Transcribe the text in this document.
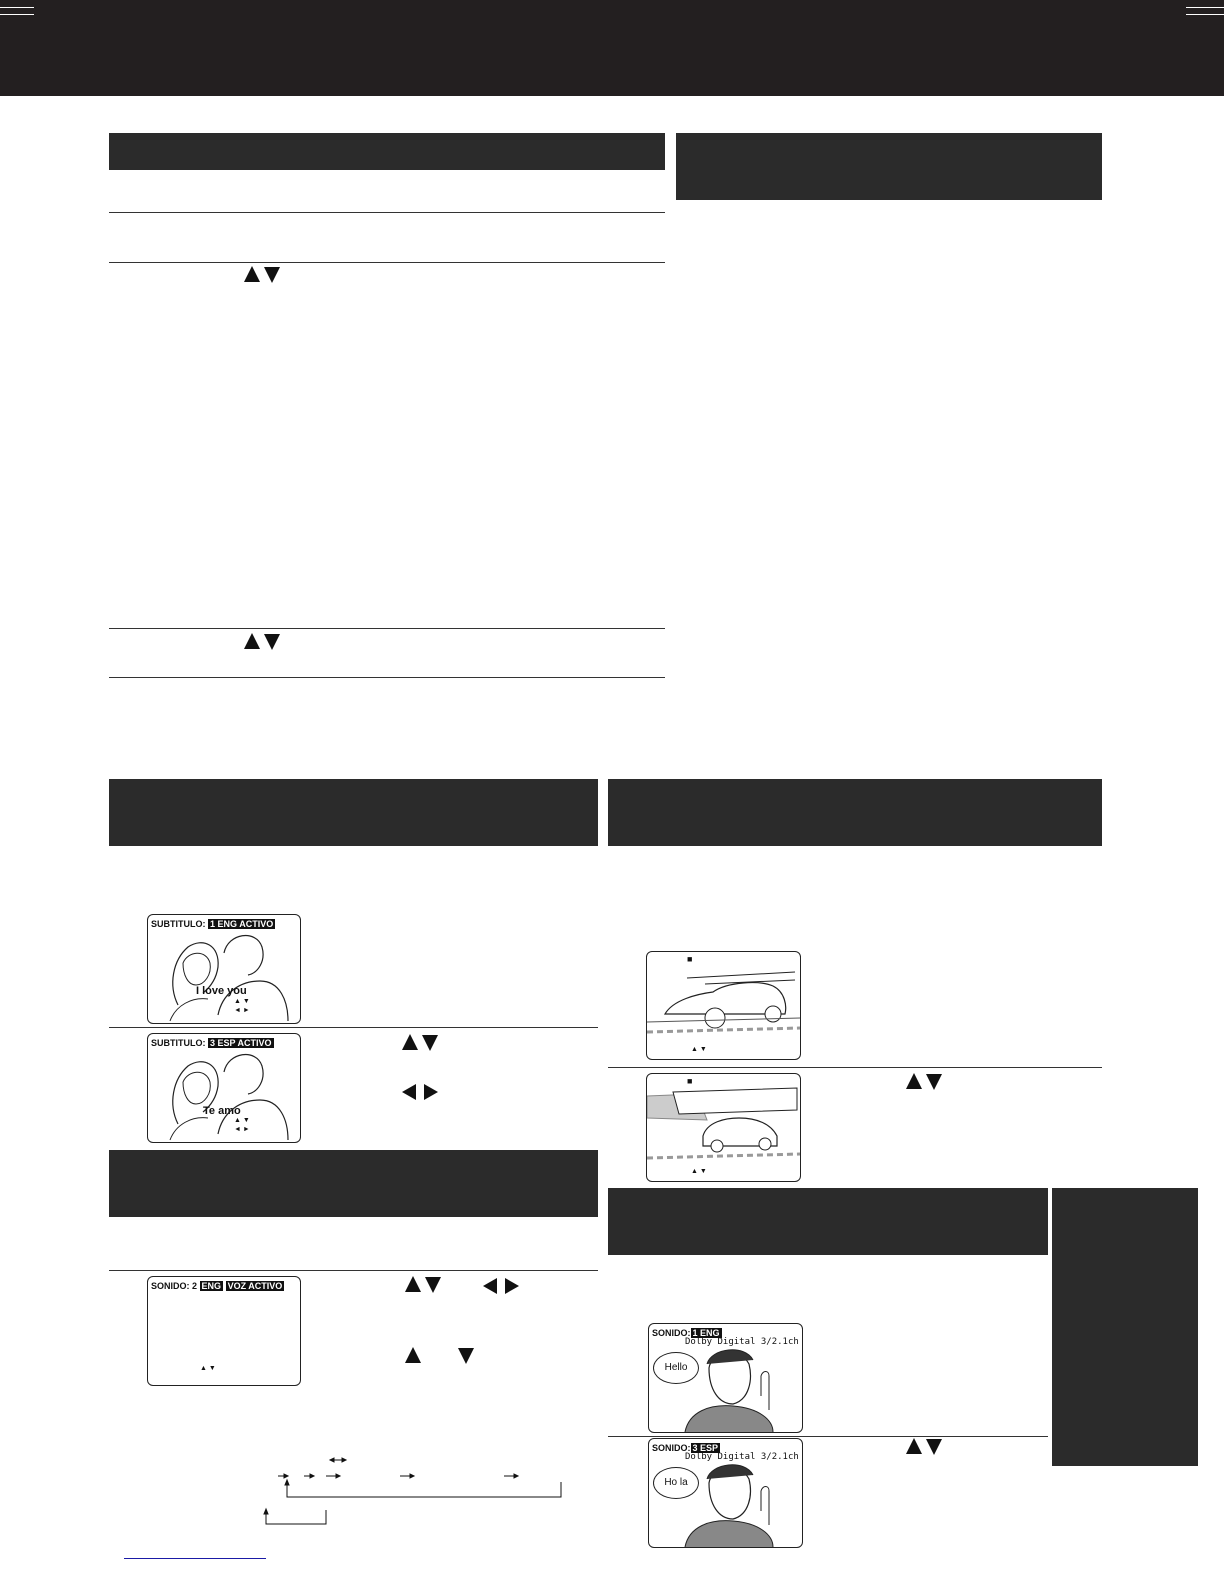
SUBTITULO: 1 ENG ACTIVO
I love you
▲ ▼
◄ ►
SUBTITULO: 3 ESP ACTIVO
Te amo
▲ ▼
◄ ►
SONIDO: 2 ENG VOZ ACTIVO
▲ ▼
■
▲ ▼
■
▲ ▼
SONIDO: 1 ENG
Dolby Digital 3/2.1ch
Hello
SONIDO: 3 ESP
Dolby Digital 3/2.1ch
Ho la
